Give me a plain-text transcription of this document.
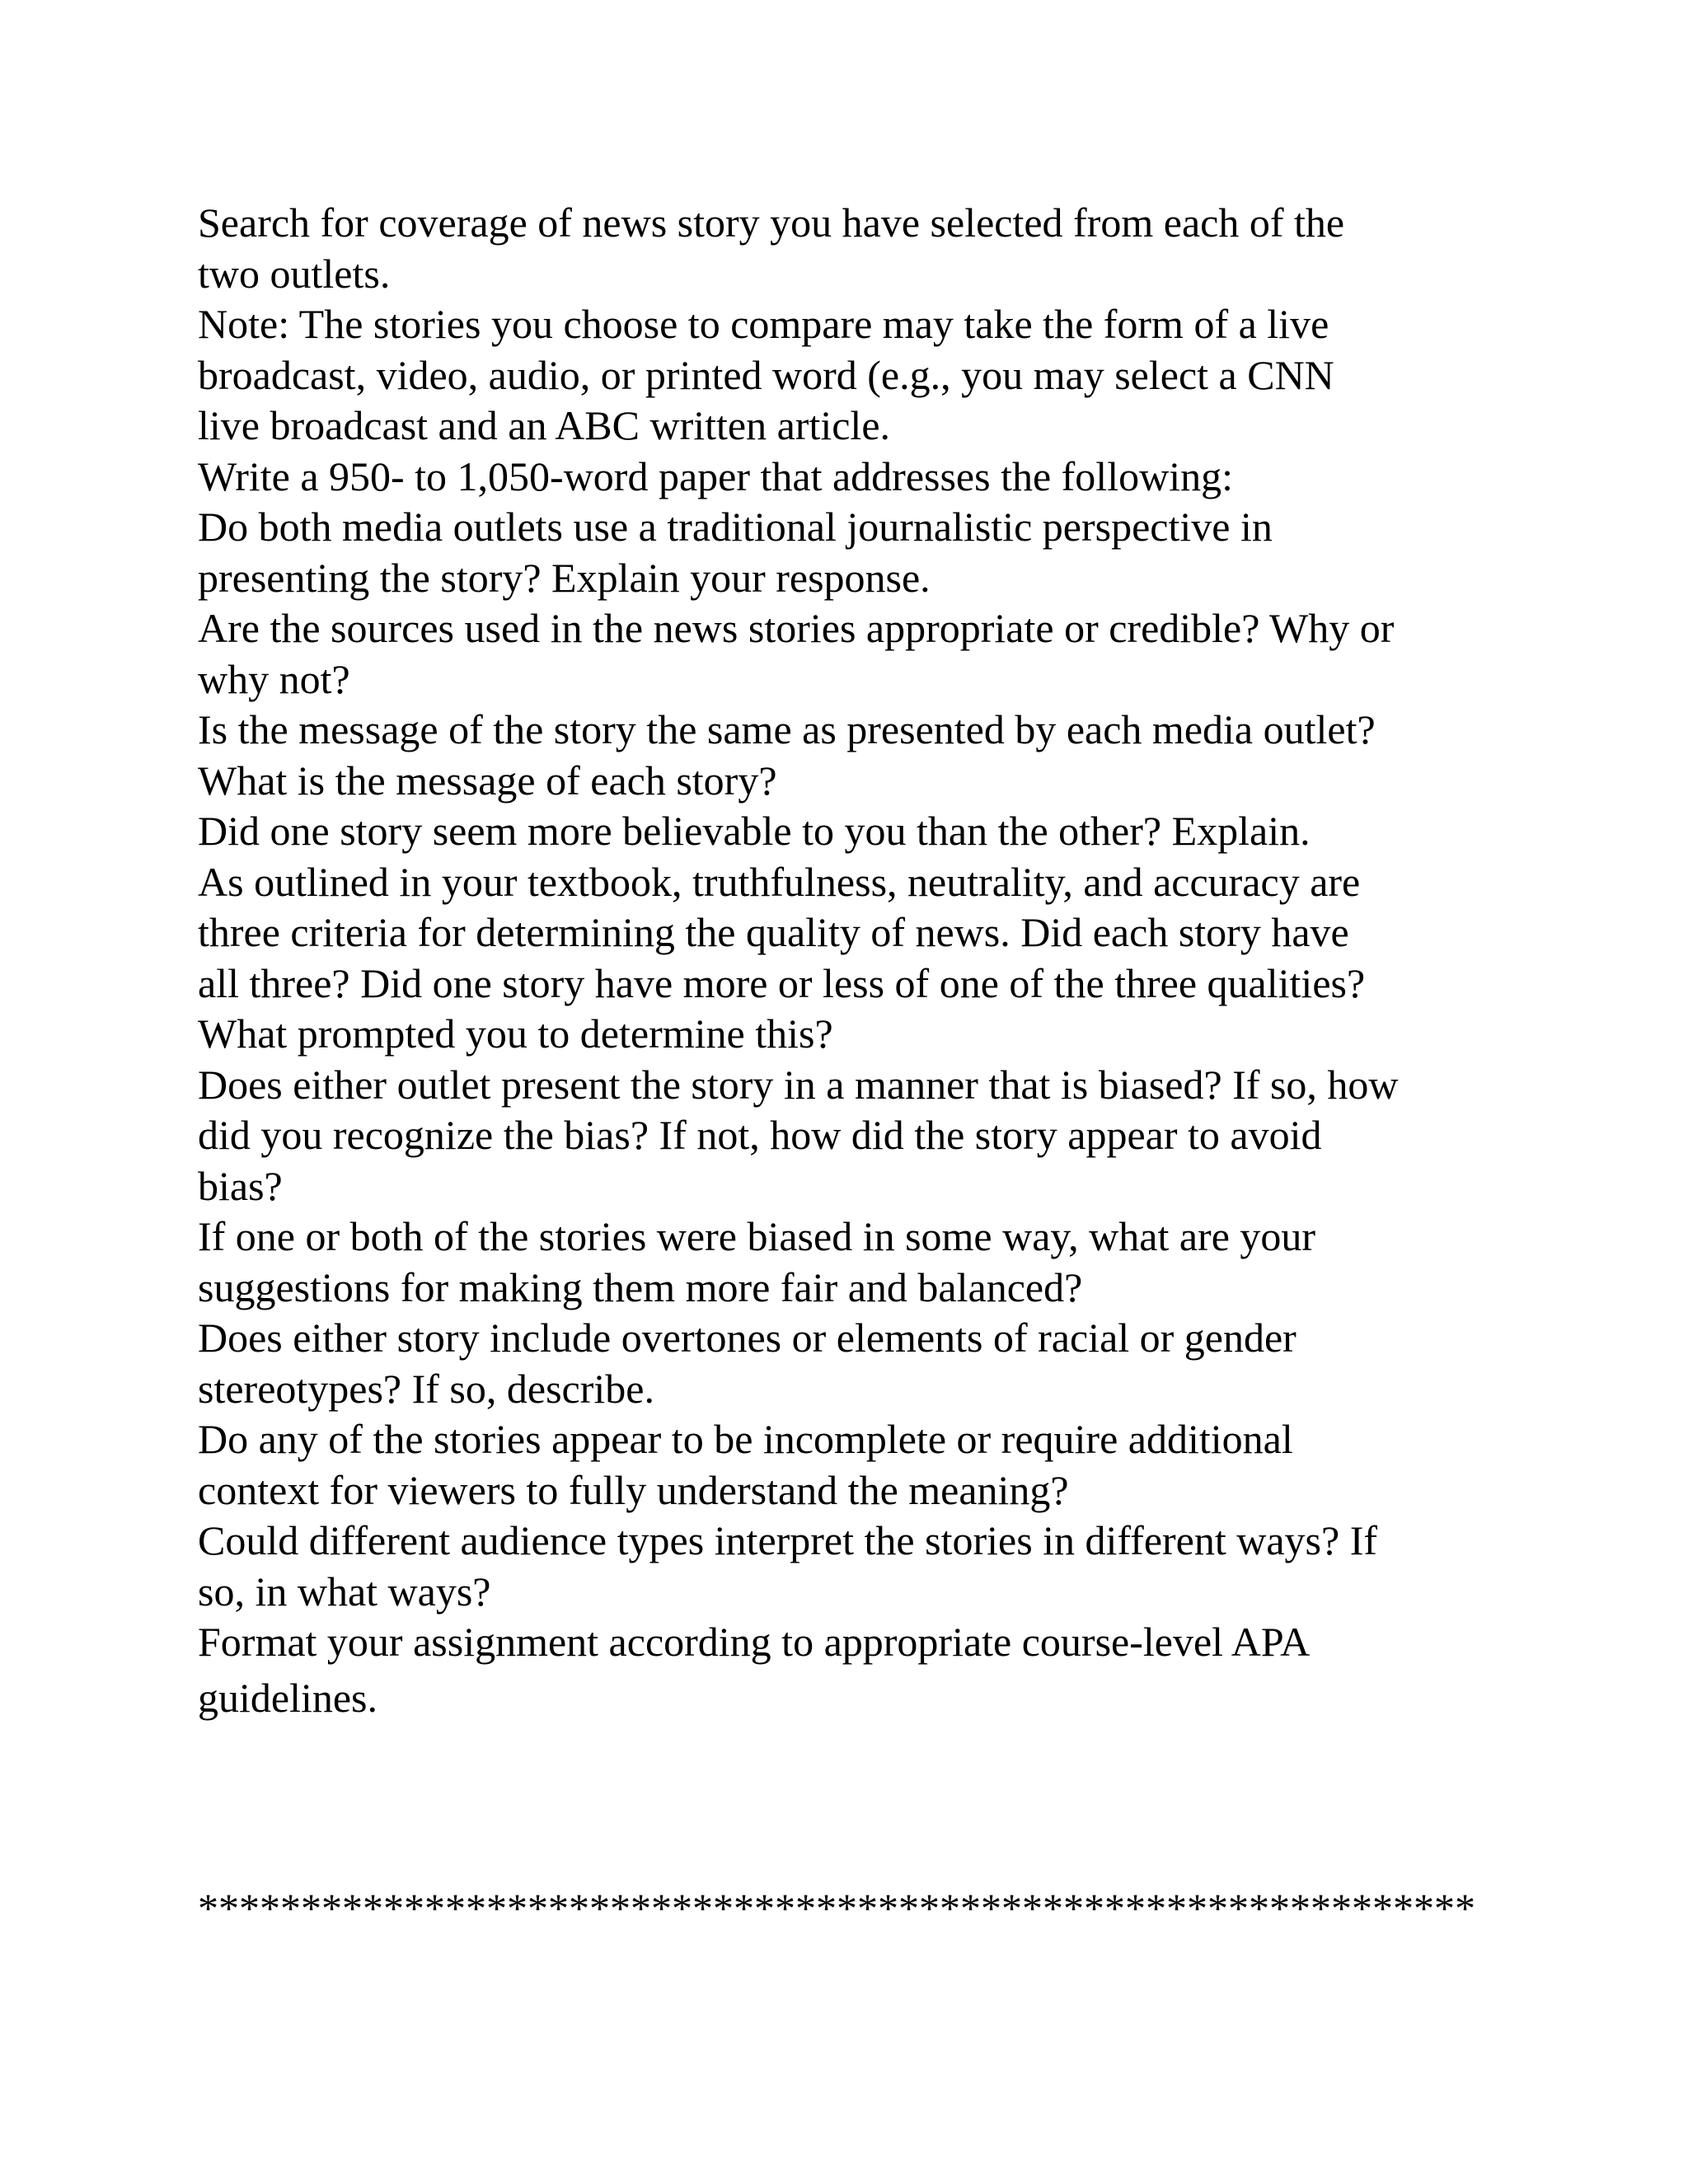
Search for coverage of news story you have selected from each of the
two outlets.
Note: The stories you choose to compare may take the form of a live
broadcast, video, audio, or printed word (e.g., you may select a CNN
live broadcast and an ABC written article.
Write a 950- to 1,050-word paper that addresses the following:
Do both media outlets use a traditional journalistic perspective in
presenting the story? Explain your response.
Are the sources used in the news stories appropriate or credible? Why or
why not?
Is the message of the story the same as presented by each media outlet?
What is the message of each story?
Did one story seem more believable to you than the other? Explain.
As outlined in your textbook, truthfulness, neutrality, and accuracy are
three criteria for determining the quality of news. Did each story have
all three? Did one story have more or less of one of the three qualities?
What prompted you to determine this?
Does either outlet present the story in a manner that is biased? If so, how
did you recognize the bias? If not, how did the story appear to avoid
bias?
If one or both of the stories were biased in some way, what are your
suggestions for making them more fair and balanced?
Does either story include overtones or elements of racial or gender
stereotypes? If so, describe.
Do any of the stories appear to be incomplete or require additional
context for viewers to fully understand the meaning?
Could different audience types interpret the stories in different ways? If
so, in what ways?
Format your assignment according to appropriate course-level APA
guidelines.
**************************************************************
